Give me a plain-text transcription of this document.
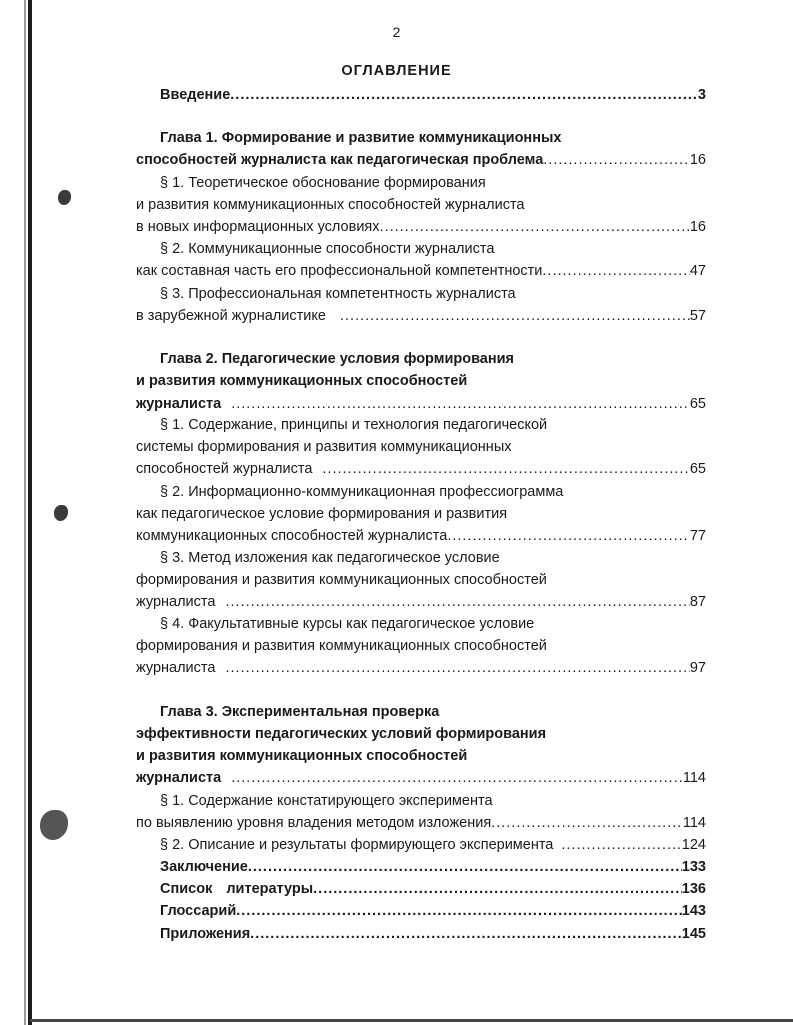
2
ОГЛАВЛЕНИЕ
Введение .....	3
Глава 1. Формирование и развитие коммуникационных
способностей журналиста как педагогическая проблема .....	16
§ 1. Теоретическое обоснование формирования
и развития коммуникационных способностей журналиста
в новых информационных условиях .....	16
§ 2. Коммуникационные способности журналиста
как составная часть его профессиональной компетентности .....	47
§ 3. Профессиональная компетентность журналиста
в зарубежной журналистике .....	57
Глава 2. Педагогические условия формирования
и развития коммуникационных способностей
журналиста .....	65
§ 1. Содержание, принципы и технология педагогической
системы формирования и развития коммуникационных
способностей журналиста .....	65
§ 2. Информационно-коммуникационная профессиограмма
как педагогическое условие формирования и развития
коммуникационных способностей журналиста .....	77
§ 3. Метод изложения как педагогическое условие
формирования и развития коммуникационных способностей
журналиста .....	87
§ 4. Факультативные курсы как педагогическое условие
формирования и развития коммуникационных способностей
журналиста .....	97
Глава 3. Экспериментальная проверка
эффективности педагогических условий формирования
и развития коммуникационных способностей
журналиста .....	114
§ 1. Содержание констатирующего эксперимента
по выявлению уровня владения методом изложения .....	114
§ 2. Описание и результаты формирующего эксперимента .....	124
Заключение .....	133
Список литературы .....	136
Глоссарий .....	143
Приложения .....	145
